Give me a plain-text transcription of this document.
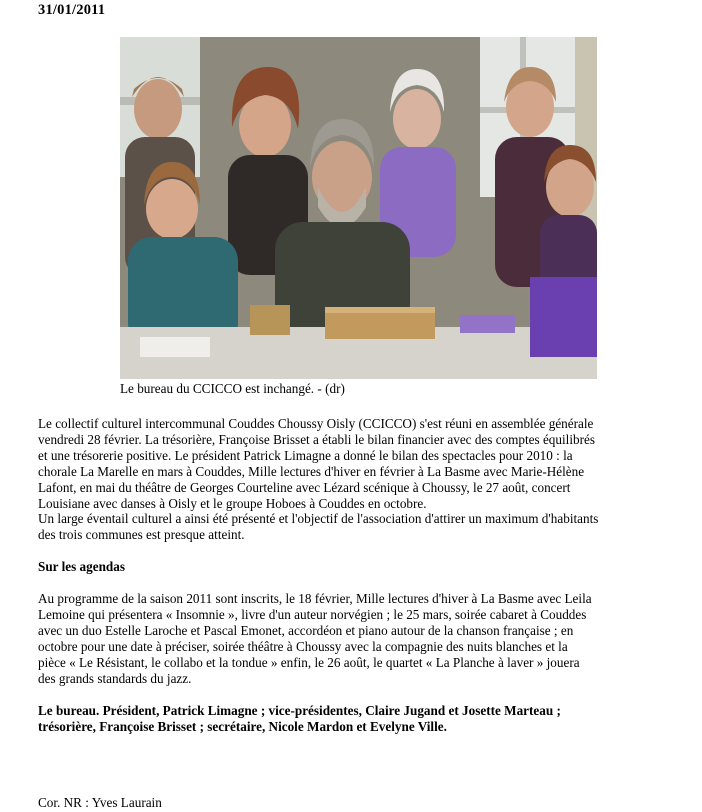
31/01/2011
Le bureau du CCICCO est inchangé. - (dr)

Le collectif culturel intercommunal Couddes Choussy Oisly (CCICCO) s'est réuni en assemblée générale
vendredi 28 février. La trésorière, Françoise Brisset a établi le bilan financier avec des comptes équilibrés
et une trésorerie positive. Le président Patrick Limagne a donné le bilan des spectacles pour 2010 : la
chorale La Marelle en mars à Couddes, Mille lectures d'hiver en février à La Basme avec Marie-Hélène
Lafont, en mai du théâtre de Georges Courteline avec Lézard scénique à Choussy, le 27 août, concert
Louisiane avec danses à Oisly et le groupe Hoboes à Couddes en octobre.
Un large éventail culturel a ainsi été présenté et l'objectif de l'association d'attirer un maximum d'habitants
des trois communes est presque atteint.

Sur les agendas

Au programme de la saison 2011 sont inscrits, le 18 février, Mille lectures d'hiver à La Basme avec Leila
Lemoine qui présentera « Insomnie », livre d'un auteur norvégien ; le 25 mars, soirée cabaret à Couddes
avec un duo Estelle Laroche et Pascal Emonet, accordéon et piano autour de la chanson française ; en
octobre pour une date à préciser, soirée théâtre à Choussy avec la compagnie des nuits blanches et la
pièce « Le Résistant, le collabo et la tondue » enfin, le 26 août, le quartet « La Planche à laver » jouera
des grands standards du jazz.

Le bureau. Président, Patrick Limagne ; vice-présidentes, Claire Jugand et Josette Marteau ;
trésorière, Françoise Brisset ; secrétaire, Nicole Mardon et Evelyne Ville.

Cor. NR : Yves Laurain
